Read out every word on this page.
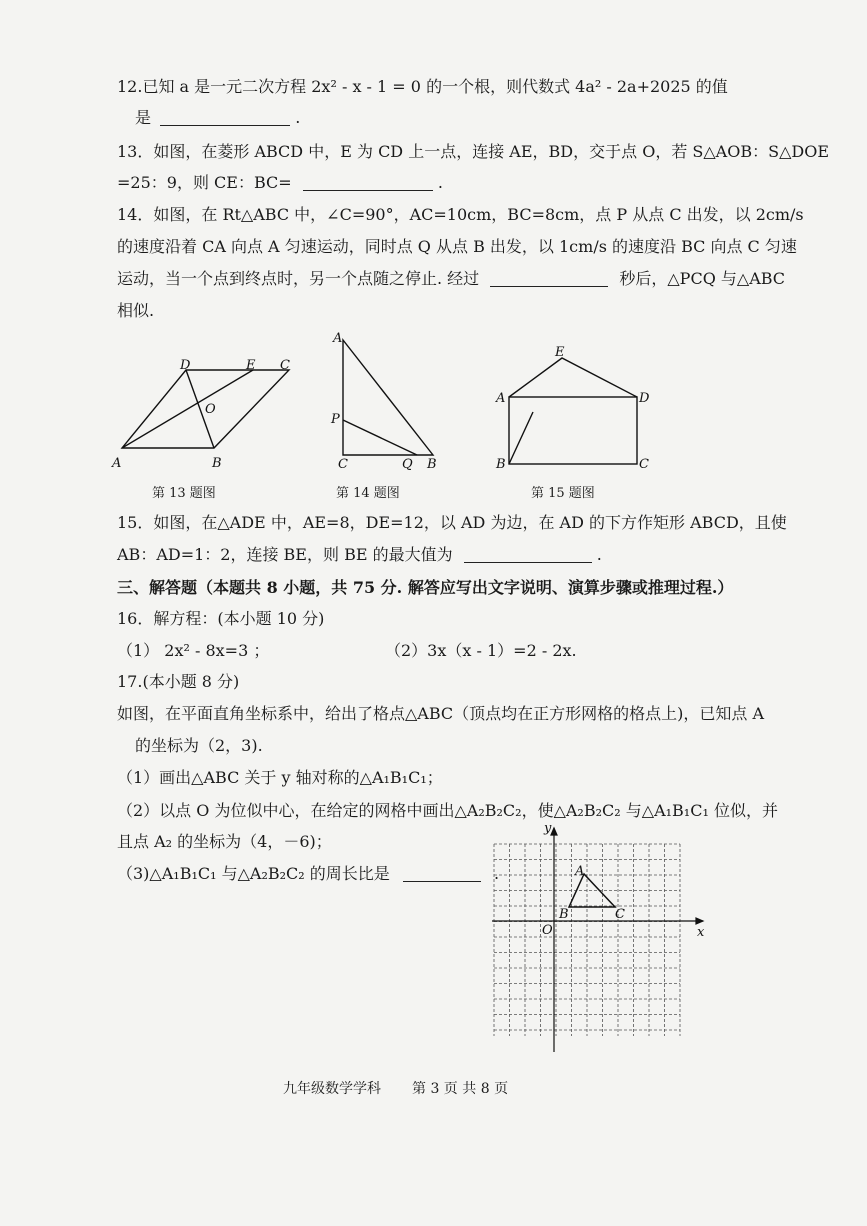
12.已知 a 是一元二次方程 2x² - x - 1 = 0 的一个根，则代数式 4a² - 2a+2025 的值
是	.
13．如图，在菱形 ABCD 中，E 为 CD 上一点，连接 AE，BD，交于点 O，若 S△AOB：S△DOE
=25：9，则 CE：BC=	.
14．如图，在 Rt△ABC 中，∠C=90°，AC=10cm，BC=8cm，点 P 从点 C 出发，以 2cm/s
的速度沿着 CA 向点 A 匀速运动，同时点 Q 从点 B 出发，以 1cm/s 的速度沿 BC 向点 C 匀速
运动，当一个点到终点时，另一个点随之停止. 经过	秒后，△PCQ 与△ABC
相似.
A	B
C
D	E
O
A
P
C	Q B
E
A	D
B	C
y
x
O
A
B	C
第 13 题图	第 14 题图	第 15 题图
15．如图，在△ADE 中，AE=8，DE=12，以 AD 为边，在 AD 的下方作矩形 ABCD，且使
AB：AD=1：2，连接 BE，则 BE 的最大值为	.
三、解答题（本题共 8 小题，共 75 分. 解答应写出文字说明、演算步骤或推理过程.）
16．解方程：(本小题 10 分)
（1） 2x² - 8x=3 ；	（2）3x（x - 1）=2 - 2x.
17.(本小题 8 分)
如图，在平面直角坐标系中，给出了格点△ABC（顶点均在正方形网格的格点上)，已知点 A
的坐标为（2，3).
（1）画出△ABC 关于 y 轴对称的△A₁B₁C₁；
（2）以点 O 为位似中心，在给定的网格中画出△A₂B₂C₂，使△A₂B₂C₂ 与△A₁B₁C₁ 位似，并
且点 A₂ 的坐标为（4，－6)；
（3)△A₁B₁C₁ 与△A₂B₂C₂ 的周长比是	.
九年级数学学科 第 3 页 共 8 页
